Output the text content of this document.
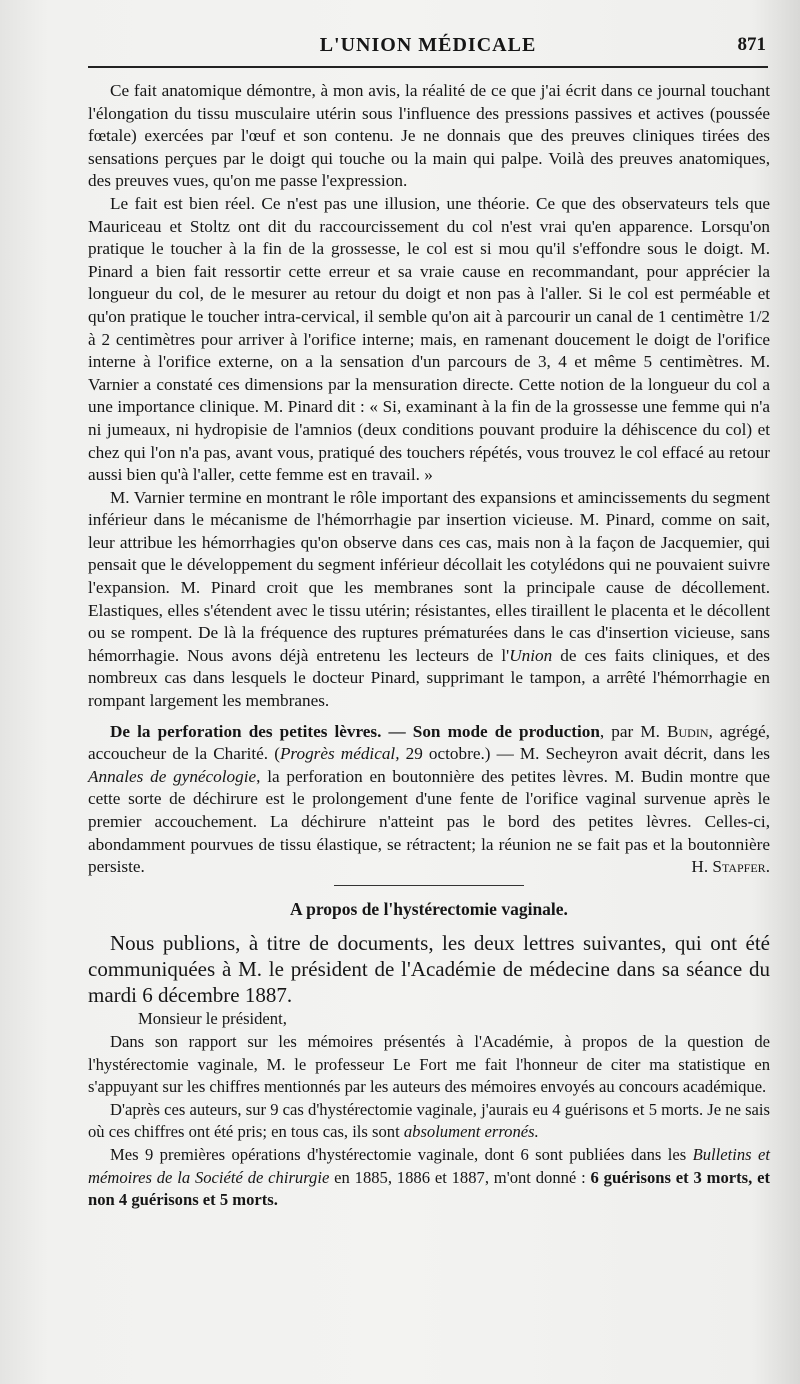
L'UNION MÉDICALE	871

Ce fait anatomique démontre, à mon avis, la réalité de ce que j'ai écrit dans ce journal touchant l'élongation du tissu musculaire utérin sous l'influence des pressions passives et actives (poussée fœtale) exercées par l'œuf et son contenu. Je ne donnais que des preuves cliniques tirées des sensations perçues par le doigt qui touche ou la main qui palpe. Voilà des preuves anatomiques, des preuves vues, qu'on me passe l'expression.

Le fait est bien réel. Ce n'est pas une illusion, une théorie. Ce que des observateurs tels que Mauriceau et Stoltz ont dit du raccourcissement du col n'est vrai qu'en apparence. Lorsqu'on pratique le toucher à la fin de la grossesse, le col est si mou qu'il s'effondre sous le doigt. M. Pinard a bien fait ressortir cette erreur et sa vraie cause en recommandant, pour apprécier la longueur du col, de le mesurer au retour du doigt et non pas à l'aller. Si le col est perméable et qu'on pratique le toucher intra-cervical, il semble qu'on ait à parcourir un canal de 1 centimètre 1/2 à 2 centimètres pour arriver à l'orifice interne; mais, en ramenant doucement le doigt de l'orifice interne à l'orifice externe, on a la sensation d'un parcours de 3, 4 et même 5 centimètres. M. Varnier a constaté ces dimensions par la mensuration directe. Cette notion de la longueur du col a une importance clinique. M. Pinard dit : « Si, examinant à la fin de la grossesse une femme qui n'a ni jumeaux, ni hydropisie de l'amnios (deux conditions pouvant produire la déhiscence du col) et chez qui l'on n'a pas, avant vous, pratiqué des touchers répétés, vous trouvez le col effacé au retour aussi bien qu'à l'aller, cette femme est en travail. »

M. Varnier termine en montrant le rôle important des expansions et amincissements du segment inférieur dans le mécanisme de l'hémorrhagie par insertion vicieuse. M. Pinard, comme on sait, leur attribue les hémorrhagies qu'on observe dans ces cas, mais non à la façon de Jacquemier, qui pensait que le développement du segment inférieur décollait les cotylédons qui ne pouvaient suivre l'expansion. M. Pinard croit que les membranes sont la principale cause de décollement. Elastiques, elles s'étendent avec le tissu utérin; résistantes, elles tiraillent le placenta et le décollent ou se rompent. De là la fréquence des ruptures prématurées dans le cas d'insertion vicieuse, sans hémorrhagie. Nous avons déjà entretenu les lecteurs de l'Union de ces faits cliniques, et des nombreux cas dans lesquels le docteur Pinard, supprimant le tampon, a arrêté l'hémorrhagie en rompant largement les membranes.

De la perforation des petites lèvres. — Son mode de production, par M. Budin, agrégé, accoucheur de la Charité. (Progrès médical, 29 octobre.) — M. Secheyron avait décrit, dans les Annales de gynécologie, la perforation en boutonnière des petites lèvres. M. Budin montre que cette sorte de déchirure est le prolongement d'une fente de l'orifice vaginal survenue après le premier accouchement. La déchirure n'atteint pas le bord des petites lèvres. Celles-ci, abondamment pourvues de tissu élastique, se rétractent; la réunion ne se fait pas et la boutonnière persiste.	H. Stapfer.

A propos de l'hystérectomie vaginale.

Nous publions, à titre de documents, les deux lettres suivantes, qui ont été communiquées à M. le président de l'Académie de médecine dans sa séance du mardi 6 décembre 1887.

Monsieur le président,

Dans son rapport sur les mémoires présentés à l'Académie, à propos de la question de l'hystérectomie vaginale, M. le professeur Le Fort me fait l'honneur de citer ma statistique en s'appuyant sur les chiffres mentionnés par les auteurs des mémoires envoyés au concours académique.

D'après ces auteurs, sur 9 cas d'hystérectomie vaginale, j'aurais eu 4 guérisons et 5 morts. Je ne sais où ces chiffres ont été pris; en tous cas, ils sont absolument erronés.

Mes 9 premières opérations d'hystérectomie vaginale, dont 6 sont publiées dans les Bulletins et mémoires de la Société de chirurgie en 1885, 1886 et 1887, m'ont donné : 6 guérisons et 3 morts, et non 4 guérisons et 5 morts.
